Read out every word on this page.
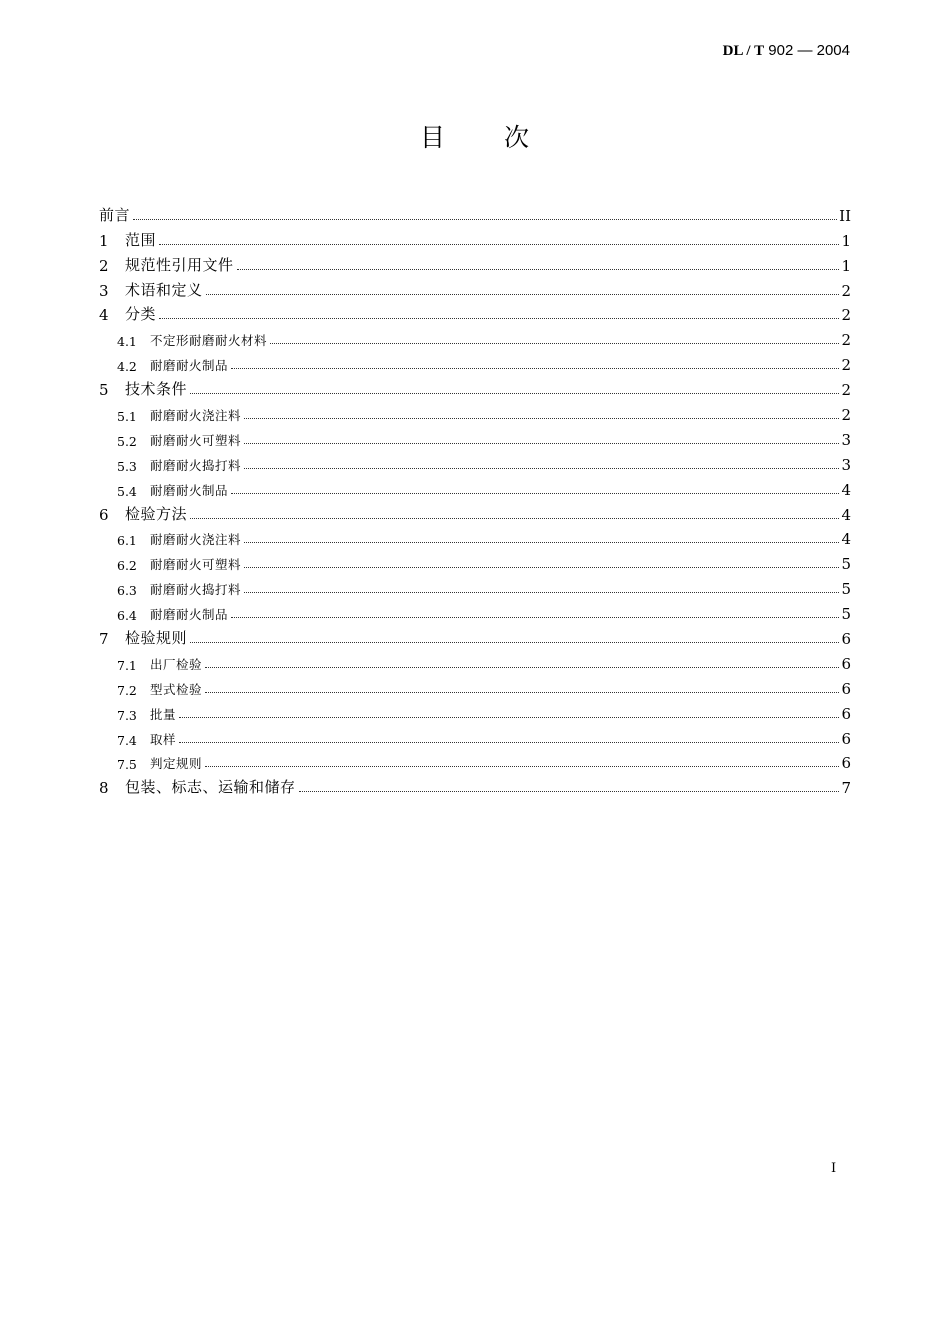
DL / T 902 — 2004
目 次
前言	II
1	范围	1
2	规范性引用文件	1
3	术语和定义	2
4	分类	2
4.1	不定形耐磨耐火材料	2
4.2	耐磨耐火制品	2
5	技术条件	2
5.1	耐磨耐火浇注料	2
5.2	耐磨耐火可塑料	3
5.3	耐磨耐火捣打料	3
5.4	耐磨耐火制品	4
6	检验方法	4
6.1	耐磨耐火浇注料	4
6.2	耐磨耐火可塑料	5
6.3	耐磨耐火捣打料	5
6.4	耐磨耐火制品	5
7	检验规则	6
7.1	出厂检验	6
7.2	型式检验	6
7.3	批量	6
7.4	取样	6
7.5	判定规则	6
8	包装、标志、运输和储存	7
I
